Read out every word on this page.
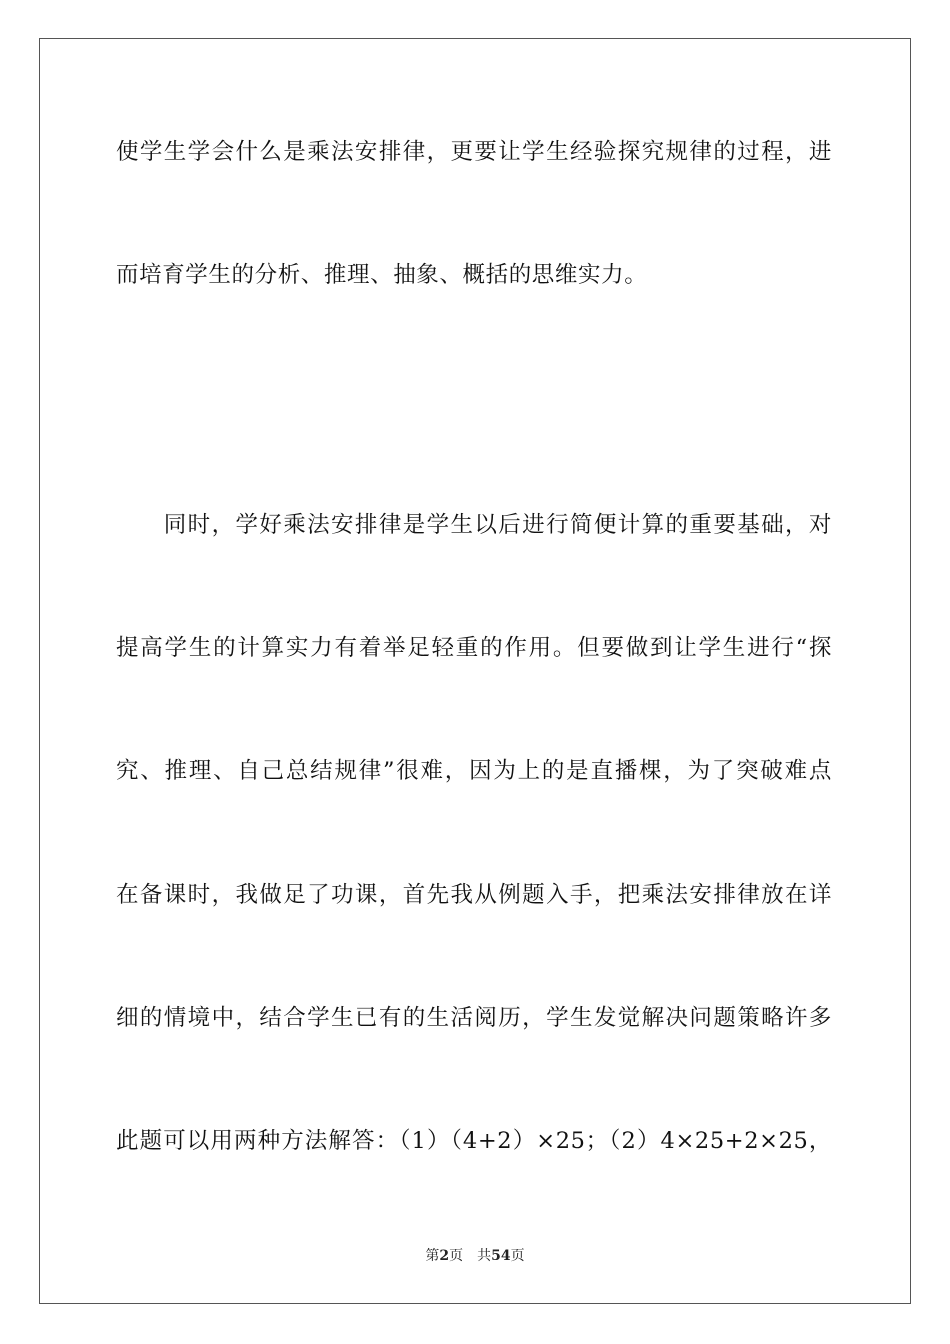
使学生学会什么是乘法安排律，更要让学生经验探究规律的过程，进
而培育学生的分析、推理、抽象、概括的思维实力。
　　同时，学好乘法安排律是学生以后进行简便计算的重要基础，对
提高学生的计算实力有着举足轻重的作用。但要做到让学生进行“探
究、推理、自己总结规律”很难，因为上的是直播棵，为了突破难点
在备课时，我做足了功课，首先我从例题入手，把乘法安排律放在详
细的情境中，结合学生已有的生活阅历，学生发觉解决问题策略许多
此题可以用两种方法解答：（1）（4+2）×25；（2）4×25+2×25，
第2页 共54页
